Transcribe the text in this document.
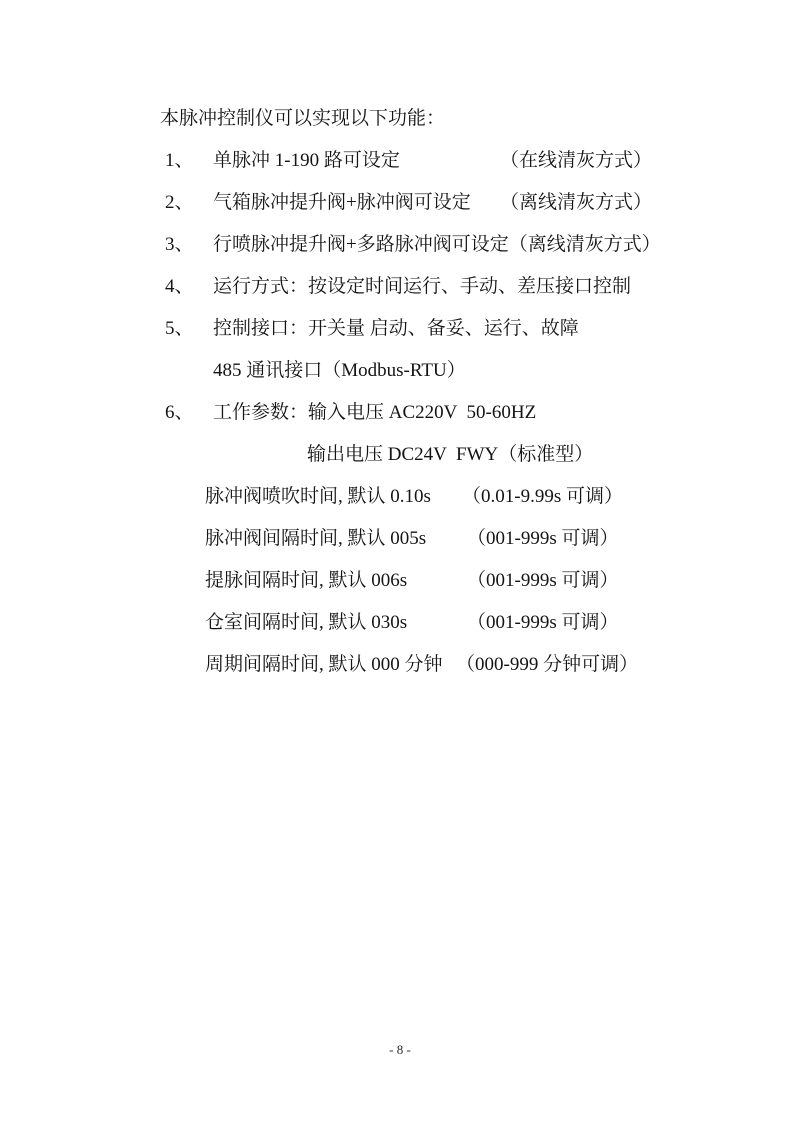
本脉冲控制仪可以实现以下功能：
1、 单脉冲 1-190 路可设定	（在线清灰方式）
2、 气箱脉冲提升阀+脉冲阀可设定 （离线清灰方式）
3、 行喷脉冲提升阀+多路脉冲阀可设定（离线清灰方式）
4、 运行方式：按设定时间运行、手动、差压接口控制
5、 控制接口：开关量 启动、备妥、运行、故障
485 通讯接口（Modbus-RTU）
6、 工作参数：输入电压 AC220V  50-60HZ
输出电压 DC24V  FWY（标准型）
脉冲阀喷吹时间, 默认 0.10s （0.01-9.99s 可调）
脉冲阀间隔时间, 默认 005s （001-999s 可调）
提脉间隔时间, 默认 006s	（001-999s 可调）
仓室间隔时间, 默认 030s	（001-999s 可调）
周期间隔时间, 默认 000 分钟 （000-999 分钟可调）
- 8 -
